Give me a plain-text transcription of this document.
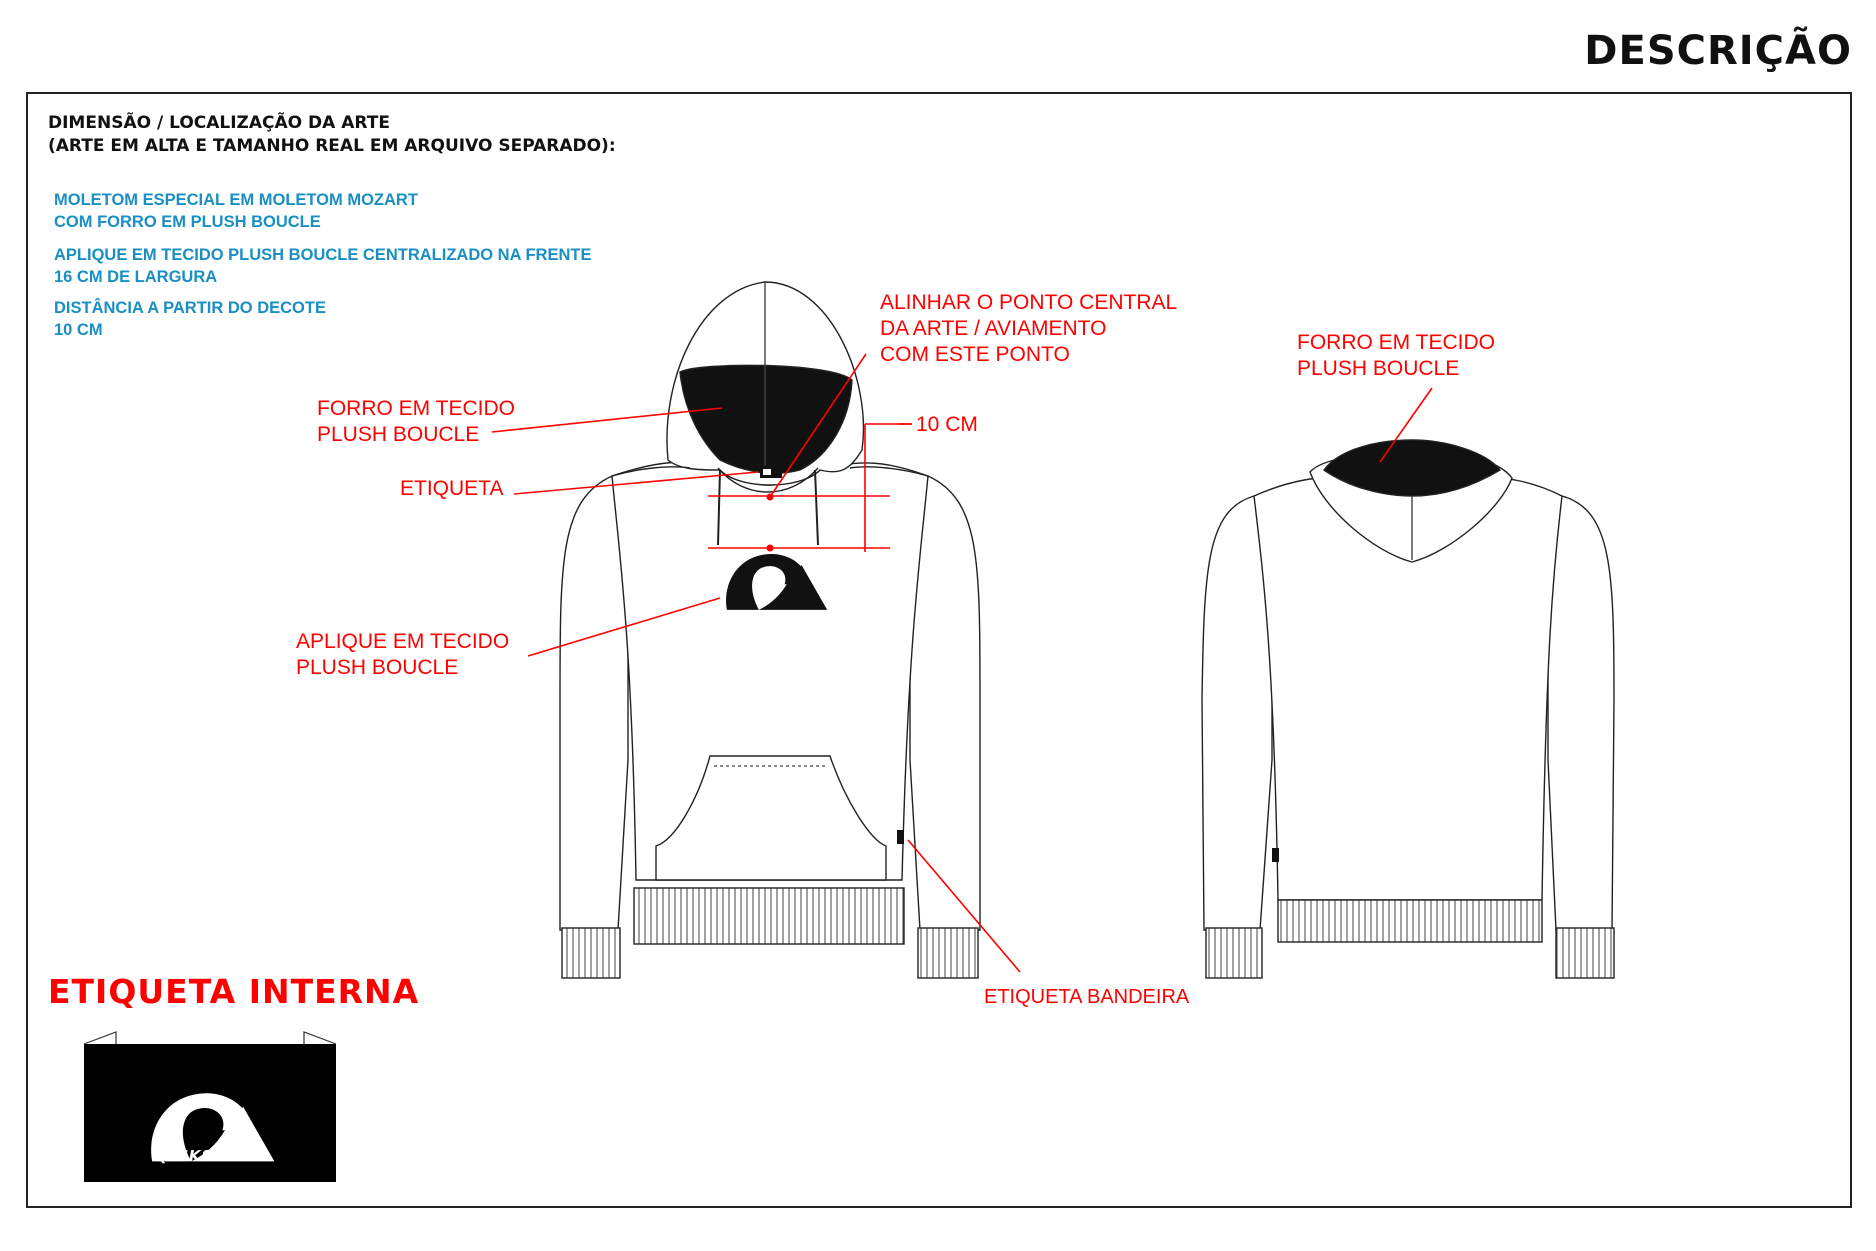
DESCRIÇÃO
DIMENSÃO / LOCALIZAÇÃO DA ARTE
(ARTE EM ALTA E TAMANHO REAL EM ARQUIVO SEPARADO):
MOLETOM ESPECIAL EM MOLETOM MOZART
COM FORRO EM PLUSH BOUCLE
APLIQUE EM TECIDO PLUSH BOUCLE CENTRALIZADO NA FRENTE
16 CM DE LARGURA
DISTÂNCIA A PARTIR DO DECOTE
10 CM
ALINHAR O PONTO CENTRAL
DA ARTE / AVIAMENTO
COM ESTE PONTO
FORRO EM TECIDO
PLUSH BOUCLE	10 CM
ETIQUETA
APLIQUE EM TECIDO
PLUSH BOUCLE
ETIQUETA BANDEIRA
FORRO EM TECIDO
PLUSH BOUCLE
ETIQUETA INTERNA
QUIKSILVER
